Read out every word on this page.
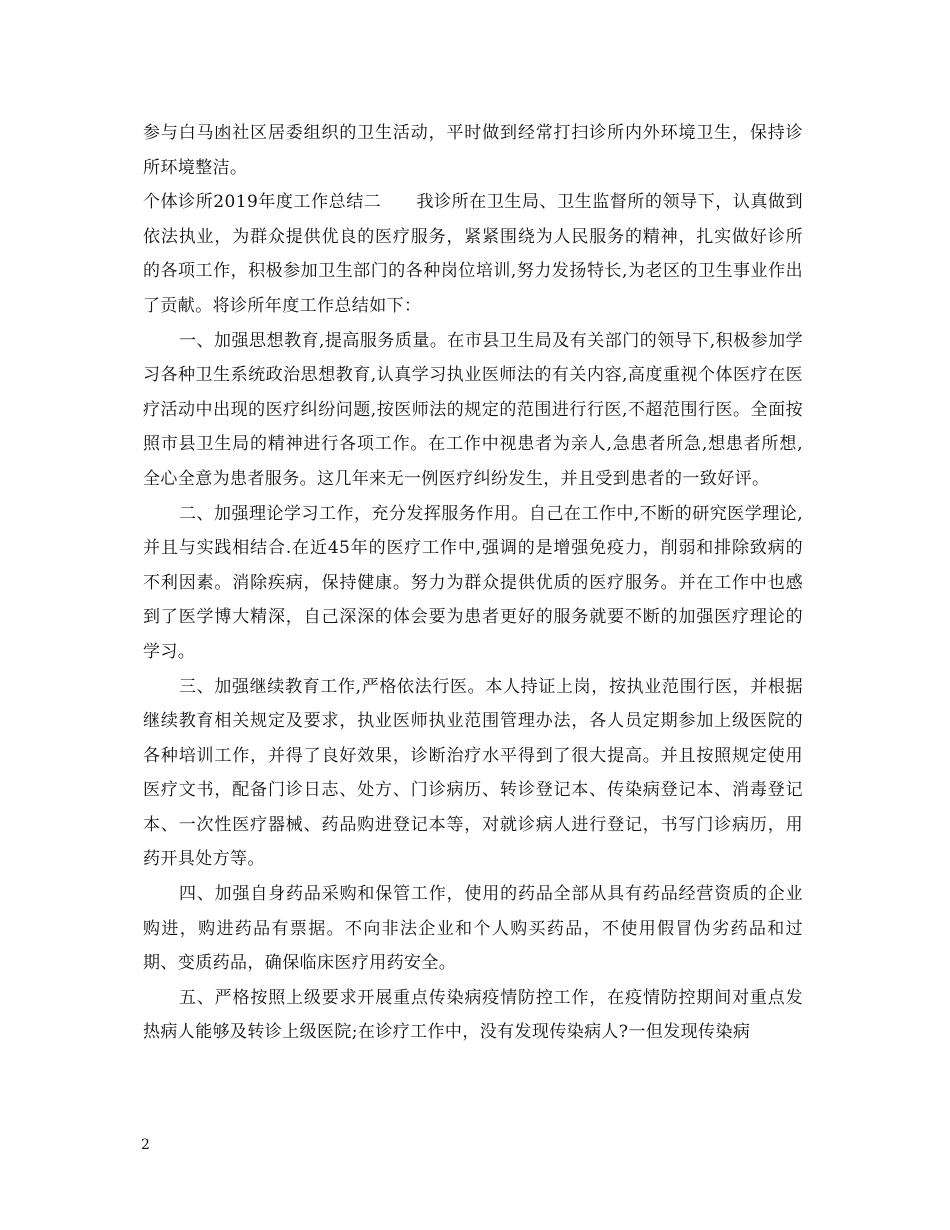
参与白马凼社区居委组织的卫生活动，平时做到经常打扫诊所内外环境卫生，保持诊所环境整洁。

个体诊所2019年度工作总结二　　我诊所在卫生局、卫生监督所的领导下，认真做到依法执业，为群众提供优良的医疗服务，紧紧围绕为人民服务的精神，扎实做好诊所的各项工作，积极参加卫生部门的各种岗位培训,努力发扬特长,为老区的卫生事业作出了贡献。将诊所年度工作总结如下：

一、加强思想教育,提高服务质量。在市县卫生局及有关部门的领导下,积极参加学习各种卫生系统政治思想教育,认真学习执业医师法的有关内容,高度重视个体医疗在医疗活动中出现的医疗纠纷问题,按医师法的规定的范围进行行医,不超范围行医。全面按照市县卫生局的精神进行各项工作。在工作中视患者为亲人,急患者所急,想患者所想, 全心全意为患者服务。这几年来无一例医疗纠纷发生，并且受到患者的一致好评。

二、加强理论学习工作，充分发挥服务作用。自己在工作中,不断的研究医学理论,并且与实践相结合.在近45年的医疗工作中,强调的是增强免疫力，削弱和排除致病的不利因素。消除疾病，保持健康。努力为群众提供优质的医疗服务。并在工作中也感到了医学博大精深，自己深深的体会要为患者更好的服务就要不断的加强医疗理论的学习。

三、加强继续教育工作,严格依法行医。本人持证上岗，按执业范围行医，并根据继续教育相关规定及要求，执业医师执业范围管理办法，各人员定期参加上级医院的各种培训工作，并得了良好效果，诊断治疗水平得到了很大提高。并且按照规定使用医疗文书，配备门诊日志、处方、门诊病历、转诊登记本、传染病登记本、消毒登记本、一次性医疗器械、药品购进登记本等，对就诊病人进行登记，书写门诊病历，用药开具处方等。

四、加强自身药品采购和保管工作，使用的药品全部从具有药品经营资质的企业购进，购进药品有票据。不向非法企业和个人购买药品，不使用假冒伪劣药品和过期、变质药品，确保临床医疗用药安全。

五、严格按照上级要求开展重点传染病疫情防控工作，在疫情防控期间对重点发热病人能够及转诊上级医院;在诊疗工作中，没有发现传染病人?一但发现传染病

2
